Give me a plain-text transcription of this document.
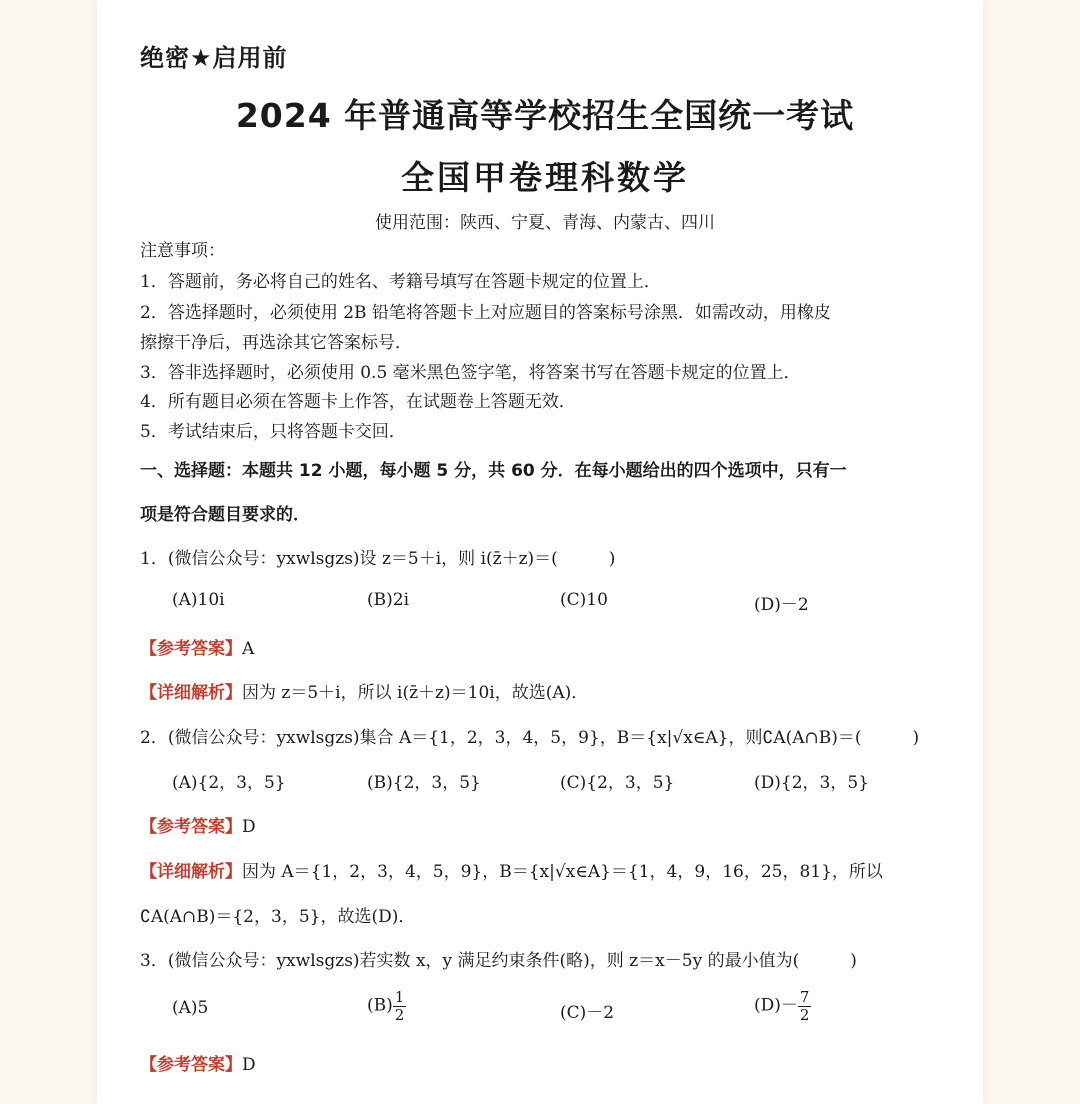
绝密★启用前
2024 年普通高等学校招生全国统一考试
全国甲卷理科数学
使用范围：陕西、宁夏、青海、内蒙古、四川
注意事项：
1．答题前，务必将自己的姓名、考籍号填写在答题卡规定的位置上．
2．答选择题时，必须使用 2B 铅笔将答题卡上对应题目的答案标号涂黑．如需改动，用橡皮
擦擦干净后，再选涂其它答案标号．
3．答非选择题时，必须使用 0.5 毫米黑色签字笔，将答案书写在答题卡规定的位置上．
4．所有题目必须在答题卡上作答，在试题卷上答题无效．
5．考试结束后，只将答题卡交回．
一、选择题：本题共 12 小题，每小题 5 分，共 60 分．在每小题给出的四个选项中，只有一
项是符合题目要求的．
1．(微信公众号：yxwlsgzs)设 z＝5＋i，则 i(z̄＋z)＝(　　　)
(A)10i	(B)2i	(C)10	(D)－2
【参考答案】A
【详细解析】因为 z＝5＋i，所以 i(z̄＋z)＝10i，故选(A)．
2．(微信公众号：yxwlsgzs)集合 A＝{1，2，3，4，5，9}，B＝{x|√x∈A}，则∁A(A∩B)＝(　　　)
(A){2，3，5}	(B){2，3，5}	(C){2，3，5}	(D){2，3，5}
【参考答案】D
【详细解析】因为 A＝{1，2，3，4，5，9}，B＝{x|√x∈A}＝{1，4，9，16，25，81}，所以
∁A(A∩B)＝{2，3，5}，故选(D)．
3．(微信公众号：yxwlsgzs)若实数 x，y 满足约束条件(略)，则 z＝x－5y 的最小值为(　　　)
(A)5	$(B) \frac{1}{2}$	(C)－2	$(D)- \frac{7}{2}$
【参考答案】D
